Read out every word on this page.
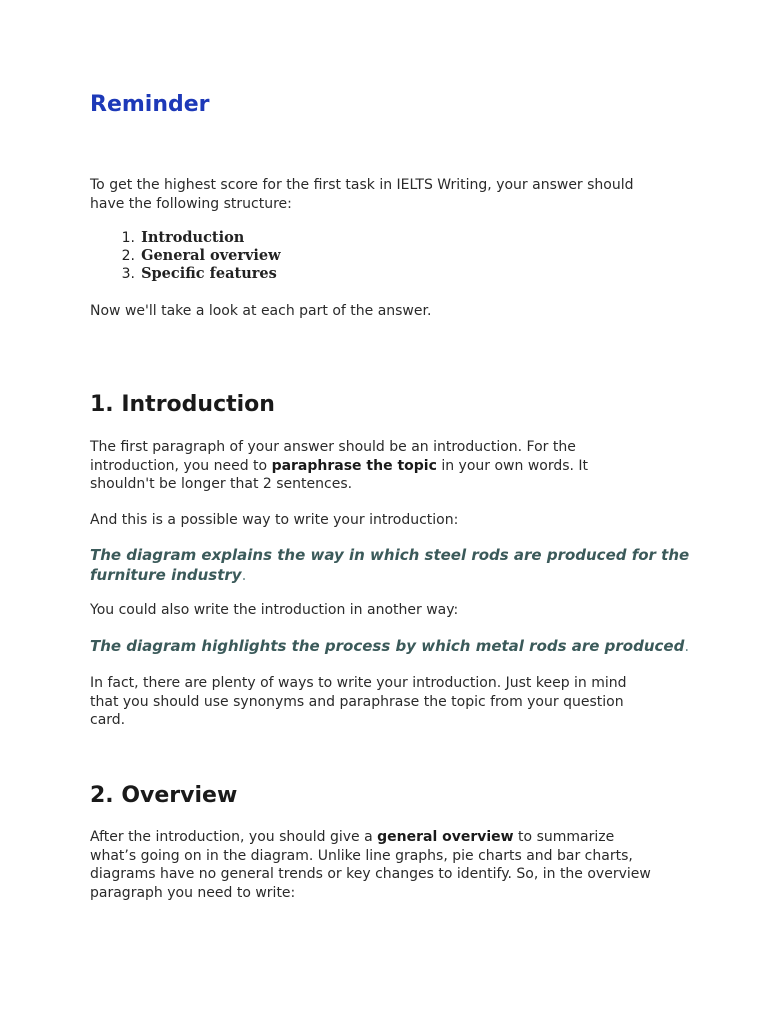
Reminder

To get the highest score for the first task in IELTS Writing, your answer should
have the following structure:

1. Introduction
2. General overview
3. Specific features

Now we'll take a look at each part of the answer.

1. Introduction

The first paragraph of your answer should be an introduction. For the
introduction, you need to paraphrase the topic in your own words. It
shouldn't be longer that 2 sentences.

And this is a possible way to write your introduction:

The diagram explains the way in which steel rods are produced for the
furniture industry.

You could also write the introduction in another way:

The diagram highlights the process by which metal rods are produced.

In fact, there are plenty of ways to write your introduction. Just keep in mind
that you should use synonyms and paraphrase the topic from your question
card.

2. Overview

After the introduction, you should give a general overview to summarize
what’s going on in the diagram. Unlike line graphs, pie charts and bar charts,
diagrams have no general trends or key changes to identify. So, in the overview
paragraph you need to write:
